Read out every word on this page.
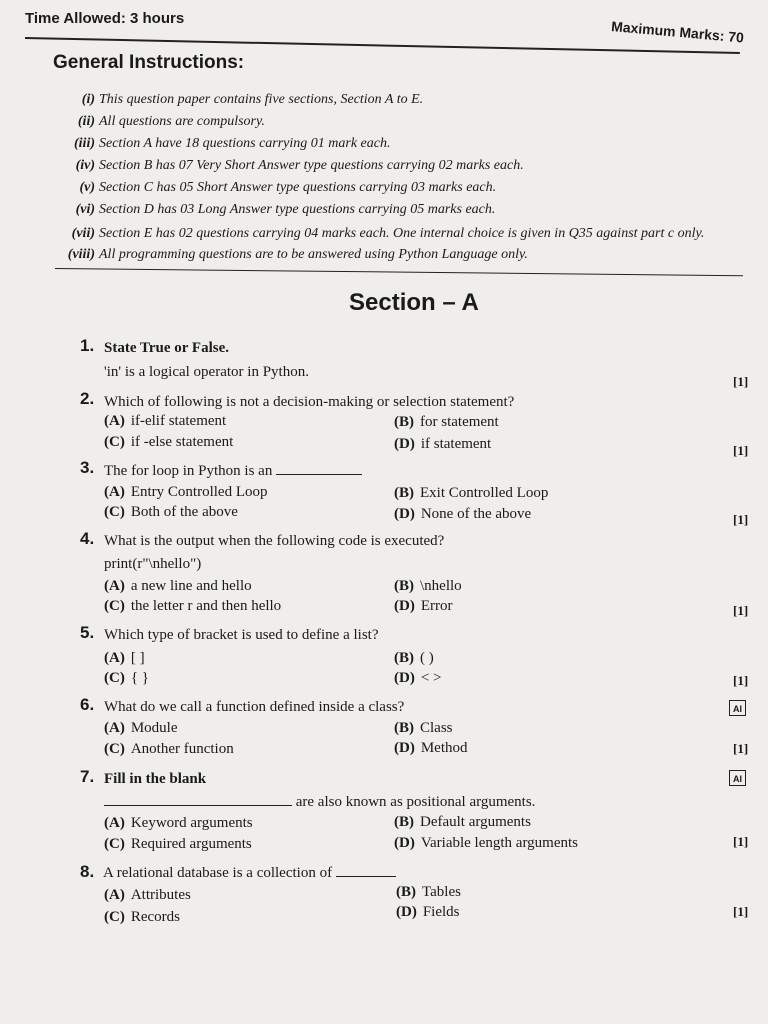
Time Allowed: 3 hours	Maximum Marks: 70
General Instructions:
(i) This question paper contains five sections, Section A to E.
(ii) All questions are compulsory.
(iii) Section A have 18 questions carrying 01 mark each.
(iv) Section B has 07 Very Short Answer type questions carrying 02 marks each.
(v) Section C has 05 Short Answer type questions carrying 03 marks each.
(vi) Section D has 03 Long Answer type questions carrying 05 marks each.
(vii) Section E has 02 questions carrying 04 marks each. One internal choice is given in Q35 against part c only.
(viii) All programming questions are to be answered using Python Language only.
Section – A
1. State True or False.
'in' is a logical operator in Python.
[1]
2. Which of following is not a decision-making or selection statement?
(A) if-elif statement	(B) for statement
(C) if -else statement	(D) if statement	[1]
3. The for loop in Python is an
(A) Entry Controlled Loop	(B) Exit Controlled Loop
(C) Both of the above	(D) None of the above	[1]
4. What is the output when the following code is executed?
print(r"\nhello")
(A) a new line and hello	(B) \nhello
(C) the letter r and then hello	(D) Error	[1]
5. Which type of bracket is used to define a list?
(A) [ ]	(B) ( )
(C) { }	(D) < >	[1]
6. What do we call a function defined inside a class?	AI
(A) Module	(B) Class
(C) Another function	(D) Method	[1]
7. Fill in the blank	AI
are also known as positional arguments.
(A) Keyword arguments	(B) Default arguments
(C) Required arguments	(D) Variable length arguments	[1]
8. A relational database is a collection of
(A) Attributes	(B) Tables
(C) Records	(D) Fields	[1]
